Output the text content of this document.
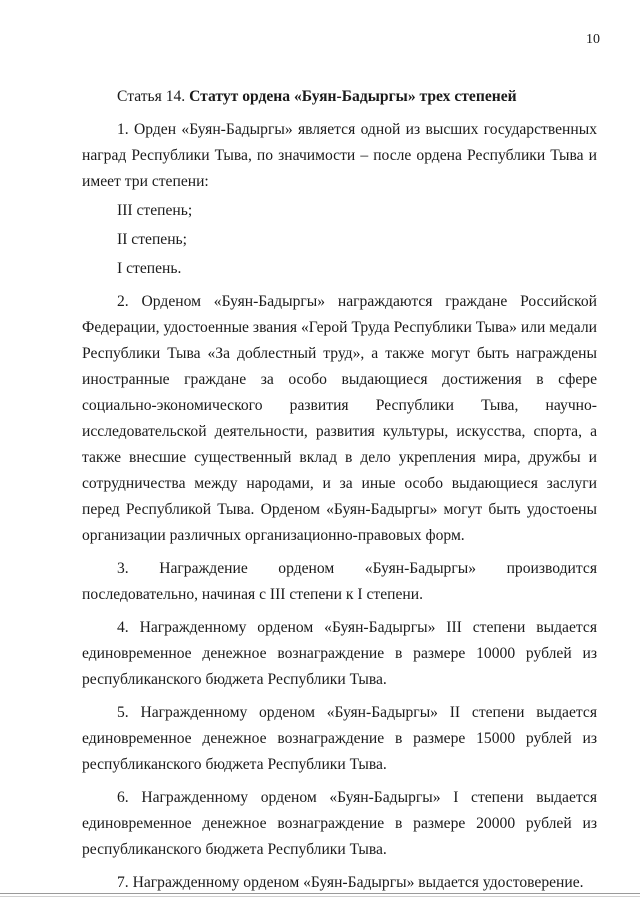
10

Статья 14. Статут ордена «Буян-Бадыргы» трех степеней

1. Орден «Буян-Бадыргы» является одной из высших государственных наград Республики Тыва, по значимости – после ордена Республики Тыва и имеет три степени:

III степень;

II степень;

I степень.

2. Орденом «Буян-Бадыргы» награждаются граждане Российской Федерации, удостоенные звания «Герой Труда Республики Тыва» или медали Республики Тыва «За доблестный труд», а также могут быть награждены иностранные граждане за особо выдающиеся достижения в сфере социально-экономического развития Республики Тыва, научно-исследовательской деятельности, развития культуры, искусства, спорта, а также внесшие существенный вклад в дело укрепления мира, дружбы и сотрудничества между народами, и за иные особо выдающиеся заслуги перед Республикой Тыва. Орденом «Буян-Бадыргы» могут быть удостоены организации различных организационно-правовых форм.

3. Награждение орденом «Буян-Бадыргы» производится последовательно, начиная с III степени к I степени.

4. Награжденному орденом «Буян-Бадыргы» III степени выдается единовременное денежное вознаграждение в размере 10000 рублей из республиканского бюджета Республики Тыва.

5. Награжденному орденом «Буян-Бадыргы» II степени выдается единовременное денежное вознаграждение в размере 15000 рублей из республиканского бюджета Республики Тыва.

6. Награжденному орденом «Буян-Бадыргы» I степени выдается единовременное денежное вознаграждение в размере 20000 рублей из республиканского бюджета Республики Тыва.

7. Награжденному орденом «Буян-Бадыргы» выдается удостоверение.
